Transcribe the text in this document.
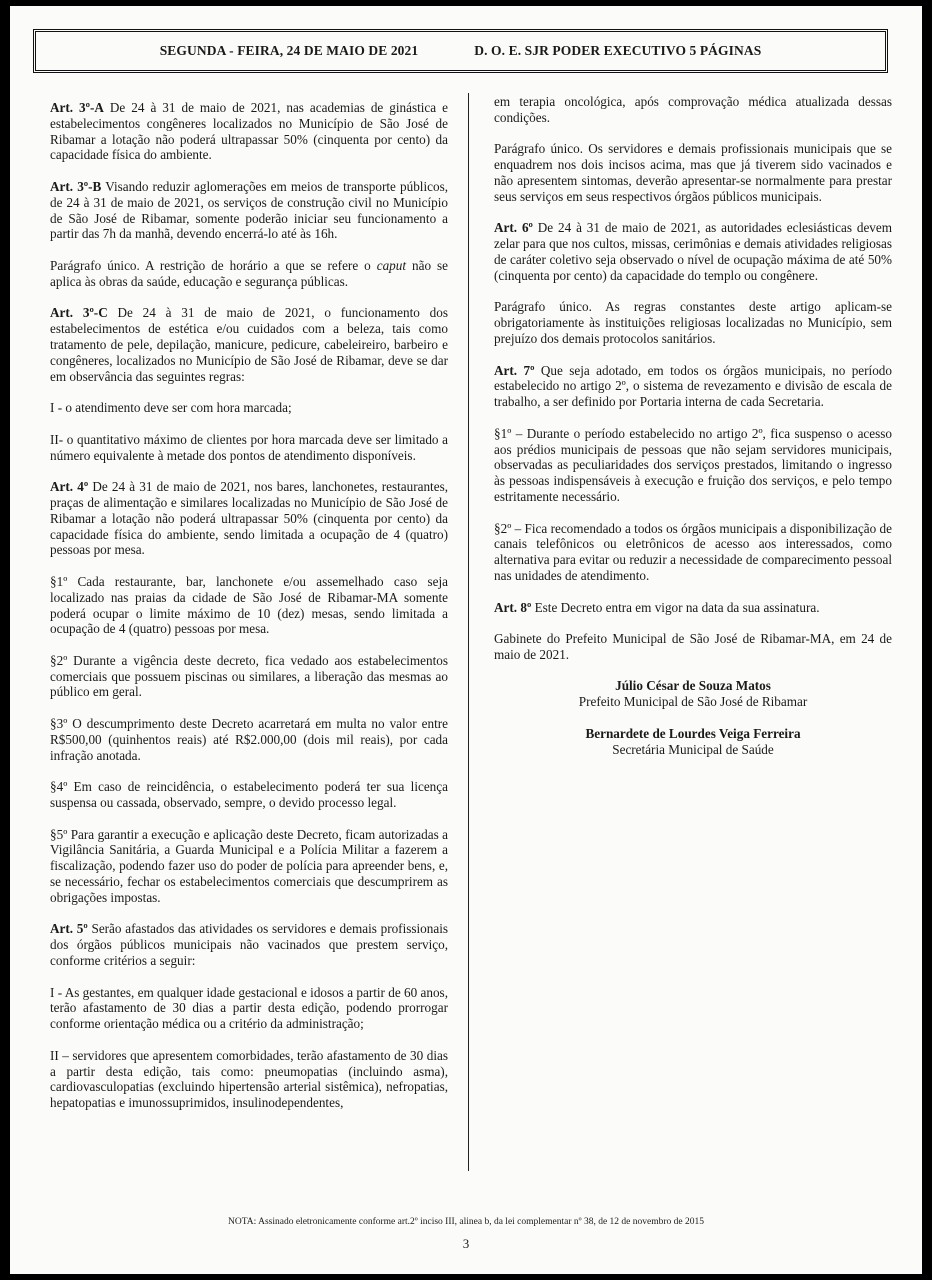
SEGUNDA - FEIRA, 24 DE MAIO DE 2021	D. O. E. SJR PODER EXECUTIVO 5 PÁGINAS

Art. 3º-A De 24 à 31 de maio de 2021, nas academias de ginástica e estabelecimentos congêneres localizados no Município de São José de Ribamar a lotação não poderá ultrapassar 50% (cinquenta por cento) da capacidade física do ambiente.

Art. 3º-B Visando reduzir aglomerações em meios de transporte públicos, de 24 à 31 de maio de 2021, os serviços de construção civil no Município de São José de Ribamar, somente poderão iniciar seu funcionamento a partir das 7h da manhã, devendo encerrá-lo até às 16h.

Parágrafo único. A restrição de horário a que se refere o caput não se aplica às obras da saúde, educação e segurança públicas.

Art. 3º-C De 24 à 31 de maio de 2021, o funcionamento dos estabelecimentos de estética e/ou cuidados com a beleza, tais como tratamento de pele, depilação, manicure, pedicure, cabeleireiro, barbeiro e congêneres, localizados no Município de São José de Ribamar, deve se dar em observância das seguintes regras:

I - o atendimento deve ser com hora marcada;

II- o quantitativo máximo de clientes por hora marcada deve ser limitado a número equivalente à metade dos pontos de atendimento disponíveis.

Art. 4º De 24 à 31 de maio de 2021, nos bares, lanchonetes, restaurantes, praças de alimentação e similares localizadas no Município de São José de Ribamar a lotação não poderá ultrapassar 50% (cinquenta por cento) da capacidade física do ambiente, sendo limitada a ocupação de 4 (quatro) pessoas por mesa.

§1º Cada restaurante, bar, lanchonete e/ou assemelhado caso seja localizado nas praias da cidade de São José de Ribamar-MA somente poderá ocupar o limite máximo de 10 (dez) mesas, sendo limitada a ocupação de 4 (quatro) pessoas por mesa.

§2º Durante a vigência deste decreto, fica vedado aos estabelecimentos comerciais que possuem piscinas ou similares, a liberação das mesmas ao público em geral.

§3º O descumprimento deste Decreto acarretará em multa no valor entre R$500,00 (quinhentos reais) até R$2.000,00 (dois mil reais), por cada infração anotada.

§4º Em caso de reincidência, o estabelecimento poderá ter sua licença suspensa ou cassada, observado, sempre, o devido processo legal.

§5º Para garantir a execução e aplicação deste Decreto, ficam autorizadas a Vigilância Sanitária, a Guarda Municipal e a Polícia Militar a fazerem a fiscalização, podendo fazer uso do poder de polícia para apreender bens, e, se necessário, fechar os estabelecimentos comerciais que descumprirem as obrigações impostas.

Art. 5º Serão afastados das atividades os servidores e demais profissionais dos órgãos públicos municipais não vacinados que prestem serviço, conforme critérios a seguir:

I - As gestantes, em qualquer idade gestacional e idosos a partir de 60 anos, terão afastamento de 30 dias a partir desta edição, podendo prorrogar conforme orientação médica ou a critério da administração;

II – servidores que apresentem comorbidades, terão afastamento de 30 dias a partir desta edição, tais como: pneumopatias (incluindo asma), cardiovasculopatias (excluindo hipertensão arterial sistêmica), nefropatias, hepatopatias e imunossuprimidos, insulinodependentes,

em terapia oncológica, após comprovação médica atualizada dessas condições.

Parágrafo único. Os servidores e demais profissionais municipais que se enquadrem nos dois incisos acima, mas que já tiverem sido vacinados e não apresentem sintomas, deverão apresentar-se normalmente para prestar seus serviços em seus respectivos órgãos públicos municipais.

Art. 6º De 24 à 31 de maio de 2021, as autoridades eclesiásticas devem zelar para que nos cultos, missas, cerimônias e demais atividades religiosas de caráter coletivo seja observado o nível de ocupação máxima de até 50% (cinquenta por cento) da capacidade do templo ou congênere.

Parágrafo único. As regras constantes deste artigo aplicam-se obrigatoriamente às instituições religiosas localizadas no Município, sem prejuízo dos demais protocolos sanitários.

Art. 7º Que seja adotado, em todos os órgãos municipais, no período estabelecido no artigo 2º, o sistema de revezamento e divisão de escala de trabalho, a ser definido por Portaria interna de cada Secretaria.

§1º – Durante o período estabelecido no artigo 2º, fica suspenso o acesso aos prédios municipais de pessoas que não sejam servidores municipais, observadas as peculiaridades dos serviços prestados, limitando o ingresso às pessoas indispensáveis à execução e fruição dos serviços, e pelo tempo estritamente necessário.

§2º – Fica recomendado a todos os órgãos municipais a disponibilização de canais telefônicos ou eletrônicos de acesso aos interessados, como alternativa para evitar ou reduzir a necessidade de comparecimento pessoal nas unidades de atendimento.

Art. 8º Este Decreto entra em vigor na data da sua assinatura.

Gabinete do Prefeito Municipal de São José de Ribamar-MA, em 24 de maio de 2021.

Júlio César de Souza Matos
Prefeito Municipal de São José de Ribamar
Bernardete de Lourdes Veiga Ferreira
Secretária Municipal de Saúde
NOTA: Assinado eletronicamente conforme art.2º inciso III, alinea b, da lei complementar nº 38, de 12 de novembro de 2015
3
